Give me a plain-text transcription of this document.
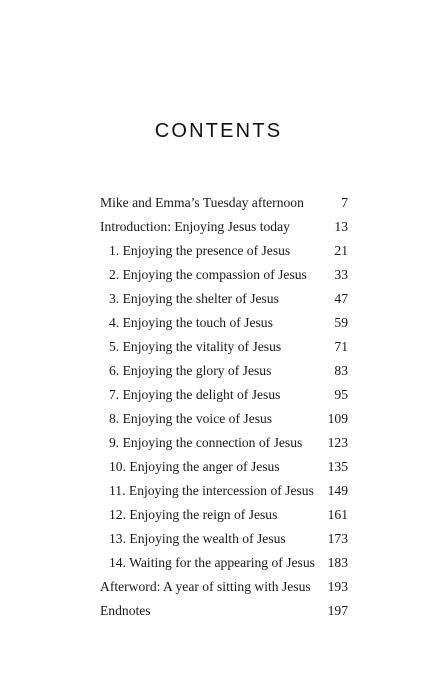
CONTENTS
Mike and Emma’s Tuesday afternoon	7
Introduction: Enjoying Jesus today	13
1. Enjoying the presence of Jesus	21
2. Enjoying the compassion of Jesus	33
3. Enjoying the shelter of Jesus	47
4. Enjoying the touch of Jesus	59
5. Enjoying the vitality of Jesus	71
6. Enjoying the glory of Jesus	83
7. Enjoying the delight of Jesus	95
8. Enjoying the voice of Jesus	109
9. Enjoying the connection of Jesus	123
10. Enjoying the anger of Jesus	135
11. Enjoying the intercession of Jesus	149
12. Enjoying the reign of Jesus	161
13. Enjoying the wealth of Jesus	173
14. Waiting for the appearing of Jesus 183
Afterword: A year of sitting with Jesus	193
Endnotes	197
